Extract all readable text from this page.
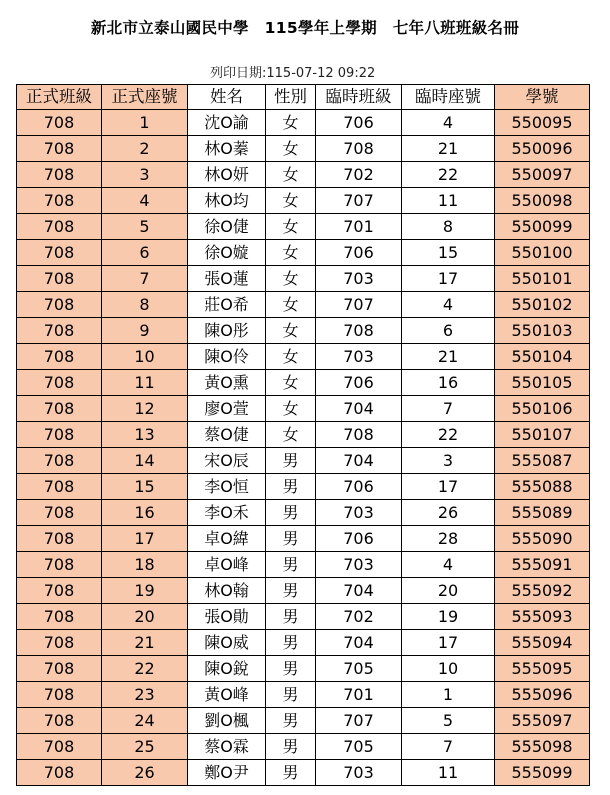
新北市立泰山國民中學　115學年上學期　七年八班班級名冊
列印日期:115-07-12 09:22
正式班級	正式座號	姓名	性別	臨時班級	臨時座號	學號
708	1	沈O諭	女	706	4	550095
708	2	林O蓁	女	708	21	550096
708	3	林O妍	女	702	22	550097
708	4	林O均	女	707	11	550098
708	5	徐O倢	女	701	8	550099
708	6	徐O嫙	女	706	15	550100
708	7	張O蓮	女	703	17	550101
708	8	莊O希	女	707	4	550102
708	9	陳O彤	女	708	6	550103
708	10	陳O伶	女	703	21	550104
708	11	黃O熏	女	706	16	550105
708	12	廖O萱	女	704	7	550106
708	13	蔡O倢	女	708	22	550107
708	14	宋O辰	男	704	3	555087
708	15	李O恒	男	706	17	555088
708	16	李O禾	男	703	26	555089
708	17	卓O緯	男	706	28	555090
708	18	卓O峰	男	703	4	555091
708	19	林O翰	男	704	20	555092
708	20	張O勛	男	702	19	555093
708	21	陳O威	男	704	17	555094
708	22	陳O銳	男	705	10	555095
708	23	黃O峰	男	701	1	555096
708	24	劉O楓	男	707	5	555097
708	25	蔡O霖	男	705	7	555098
708	26	鄭O尹	男	703	11	555099
